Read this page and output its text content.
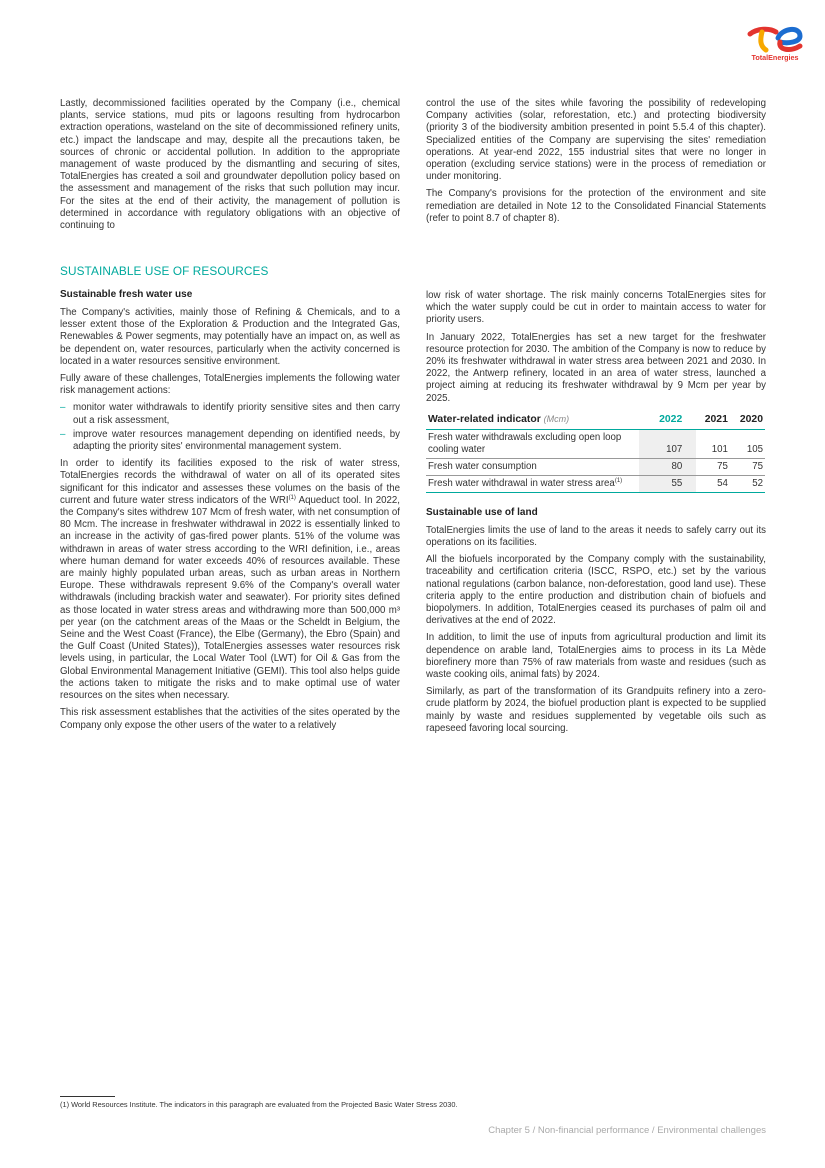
TotalEnergies

Lastly, decommissioned facilities operated by the Company (i.e., chemical plants, service stations, mud pits or lagoons resulting from hydrocarbon extraction operations, wasteland on the site of decommissioned refinery units, etc.) impact the landscape and may, despite all the precautions taken, be sources of chronic or accidental pollution. In addition to the appropriate management of waste produced by the dismantling and securing of sites, TotalEnergies has created a soil and groundwater depollution policy based on the assessment and management of the risks that such pollution may incur. For the sites at the end of their activity, the management of pollution is determined in accordance with regulatory obligations with an objective of continuing to

control the use of the sites while favoring the possibility of redeveloping Company activities (solar, reforestation, etc.) and protecting biodiversity (priority 3 of the biodiversity ambition presented in point 5.5.4 of this chapter). Specialized entities of the Company are supervising the sites' remediation operations. At year-end 2022, 155 industrial sites that were no longer in operation (excluding service stations) were in the process of remediation or under monitoring.

The Company's provisions for the protection of the environment and site remediation are detailed in Note 12 to the Consolidated Financial Statements (refer to point 8.7 of chapter 8).

SUSTAINABLE USE OF RESOURCES
Sustainable fresh water use

The Company's activities, mainly those of Refining & Chemicals, and to a lesser extent those of the Exploration & Production and the Integrated Gas, Renewables & Power segments, may potentially have an impact on, as well as be dependent on, water resources, particularly when the activity concerned is located in a water resources sensitive environment.

Fully aware of these challenges, TotalEnergies implements the following water risk management actions:

– monitor water withdrawals to identify priority sensitive sites and then carry out a risk assessment,
– improve water resources management depending on identified needs, by adapting the priority sites' environmental management system.

In order to identify its facilities exposed to the risk of water stress, TotalEnergies records the withdrawal of water on all of its operated sites significant for this indicator and assesses these volumes on the basis of the current and future water stress indicators of the WRI$^{(1)}$ Aqueduct tool. In 2022, the Company's sites withdrew 107 Mcm of fresh water, with net consumption of 80 Mcm. The increase in freshwater withdrawal in 2022 is essentially linked to an increase in the activity of gas-fired power plants. 51% of the volume was withdrawn in areas of water stress according to the WRI definition, i.e., areas where human demand for water exceeds 40% of resources available. These are mainly highly populated urban areas, such as urban areas in Northern Europe. These withdrawals represent 9.6% of the Company's overall water withdrawals (including brackish water and seawater). For priority sites defined as those located in water stress areas and withdrawing more than 500,000 m³ per year (on the catchment areas of the Maas or the Scheldt in Belgium, the Seine and the West Coast (France), the Elbe (Germany), the Ebro (Spain) and the Gulf Coast (United States)), TotalEnergies assesses water resources risk levels using, in particular, the Local Water Tool (LWT) for Oil & Gas from the Global Environmental Management Initiative (GEMI). This tool also helps guide the actions taken to mitigate the risks and to make optimal use of water resources on the sites when necessary.

This risk assessment establishes that the activities of the sites operated by the Company only expose the other users of the water to a relatively

low risk of water shortage. The risk mainly concerns TotalEnergies sites for which the water supply could be cut in order to maintain access to water for priority users.

In January 2022, TotalEnergies has set a new target for the freshwater resource protection for 2030. The ambition of the Company is now to reduce by 20% its freshwater withdrawal in water stress area between 2021 and 2030. In 2022, the Antwerp refinery, located in an area of water stress, launched a project aiming at reducing its freshwater withdrawal by 9 Mcm per year by 2025.

Water-related indicator (Mcm)	2022	2021	2020
Fresh water withdrawals excluding open loop cooling water	107	101	105
Fresh water consumption	80	75	75
Fresh water withdrawal in water stress area$^{(1)}$	55	54	52
Sustainable use of land

TotalEnergies limits the use of land to the areas it needs to safely carry out its operations on its facilities.

All the biofuels incorporated by the Company comply with the sustainability, traceability and certification criteria (ISCC, RSPO, etc.) set by the various national regulations (carbon balance, non-deforestation, good land use). These criteria apply to the entire production and distribution chain of biofuels and biopolymers. In addition, TotalEnergies ceased its purchases of palm oil and derivatives at the end of 2022.

In addition, to limit the use of inputs from agricultural production and limit its dependence on arable land, TotalEnergies aims to process in its La Mède biorefinery more than 75% of raw materials from waste and residues (such as waste cooking oils, animal fats) by 2024.

Similarly, as part of the transformation of its Grandpuits refinery into a zero-crude platform by 2024, the biofuel production plant is expected to be supplied mainly by waste and residues supplemented by vegetable oils such as rapeseed favoring local sourcing.

(1) World Resources Institute. The indicators in this paragraph are evaluated from the Projected Basic Water Stress 2030.
Chapter 5 / Non-financial performance / Environmental challenges
